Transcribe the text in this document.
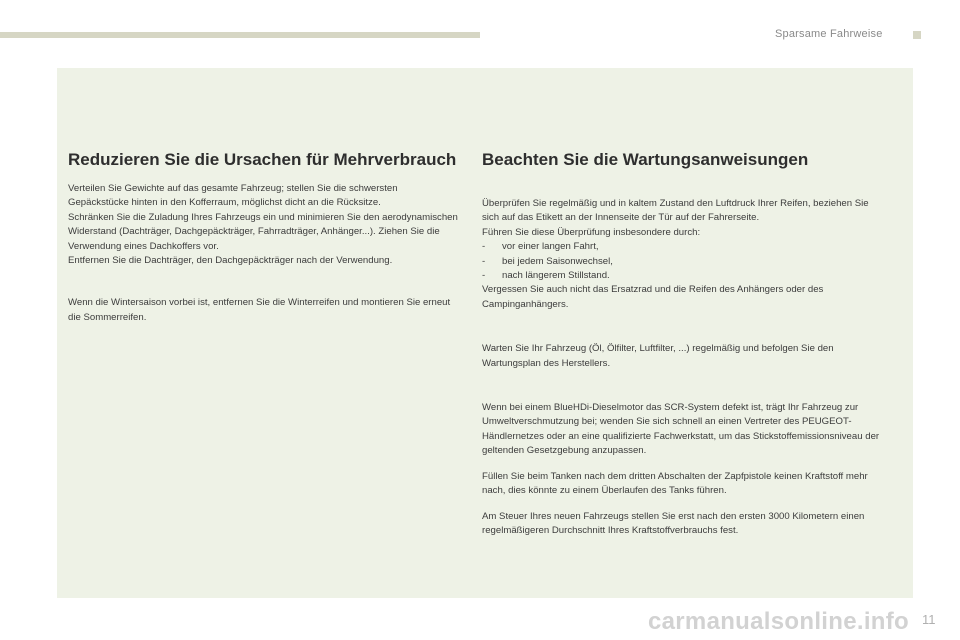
Sparsame Fahrweise
Reduzieren Sie die Ursachen für Mehrverbrauch

Verteilen Sie Gewichte auf das gesamte Fahrzeug; stellen Sie die schwersten Gepäckstücke hinten in den Kofferraum, möglichst dicht an die Rücksitze.

Schränken Sie die Zuladung Ihres Fahrzeugs ein und minimieren Sie den aerodynamischen Widerstand (Dachträger, Dachgepäckträger, Fahrradträger, Anhänger...). Ziehen Sie die Verwendung eines Dachkoffers vor.

Entfernen Sie die Dachträger, den Dachgepäckträger nach der Verwendung.

Wenn die Wintersaison vorbei ist, entfernen Sie die Winterreifen und montieren Sie erneut die Sommerreifen.

Beachten Sie die Wartungsanweisungen

Überprüfen Sie regelmäßig und in kaltem Zustand den Luftdruck Ihrer Reifen, beziehen Sie sich auf das Etikett an der Innenseite der Tür auf der Fahrerseite.

Führen Sie diese Überprüfung insbesondere durch:

- vor einer langen Fahrt,
- bei jedem Saisonwechsel,
- nach längerem Stillstand.

Vergessen Sie auch nicht das Ersatzrad und die Reifen des Anhängers oder des Campinganhängers.

Warten Sie Ihr Fahrzeug (Öl, Ölfilter, Luftfilter, ...) regelmäßig und befolgen Sie den Wartungsplan des Herstellers.

Wenn bei einem BlueHDi-Dieselmotor das SCR-System defekt ist, trägt Ihr Fahrzeug zur Umweltverschmutzung bei; wenden Sie sich schnell an einen Vertreter des PEUGEOT-Händlernetzes oder an eine qualifizierte Fachwerkstatt, um das Stickstoffemissionsniveau der geltenden Gesetzgebung anzupassen.

Füllen Sie beim Tanken nach dem dritten Abschalten der Zapfpistole keinen Kraftstoff mehr nach, dies könnte zu einem Überlaufen des Tanks führen.

Am Steuer Ihres neuen Fahrzeugs stellen Sie erst nach den ersten 3000 Kilometern einen regelmäßigeren Durchschnitt Ihres Kraftstoffverbrauchs fest.

carmanualsonline.info 11
